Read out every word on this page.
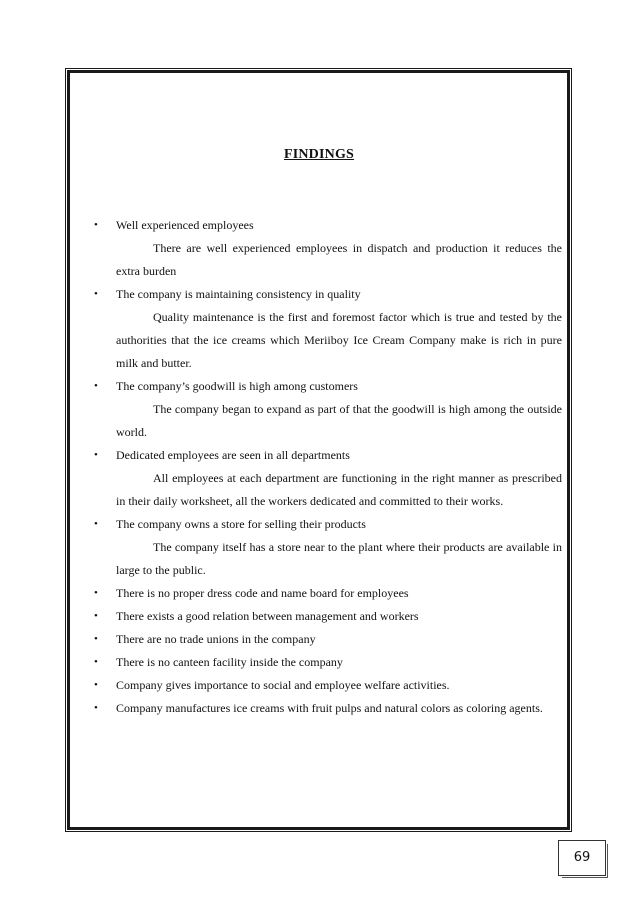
FINDINGS
• Well experienced employees
There are well experienced employees in dispatch and production it reduces the extra burden
• The company is maintaining consistency in quality
Quality maintenance is the first and foremost factor which is true and tested by the authorities that the ice creams which Meriiboy Ice Cream Company make is rich in pure milk and butter.
• The company’s goodwill is high among customers
The company began to expand as part of that the goodwill is high among the outside world.
• Dedicated employees are seen in all departments
All employees at each department are functioning in the right manner as prescribed in their daily worksheet, all the workers dedicated and committed to their works.
• The company owns a store for selling their products
The company itself has a store near to the plant where their products are available in large to the public.
• There is no proper dress code and name board for employees
• There exists a good relation between management and workers
• There are no trade unions in the company
• There is no canteen facility inside the company
• Company gives importance to social and employee welfare activities.
• Company manufactures ice creams with fruit pulps and natural colors as coloring agents.
69
